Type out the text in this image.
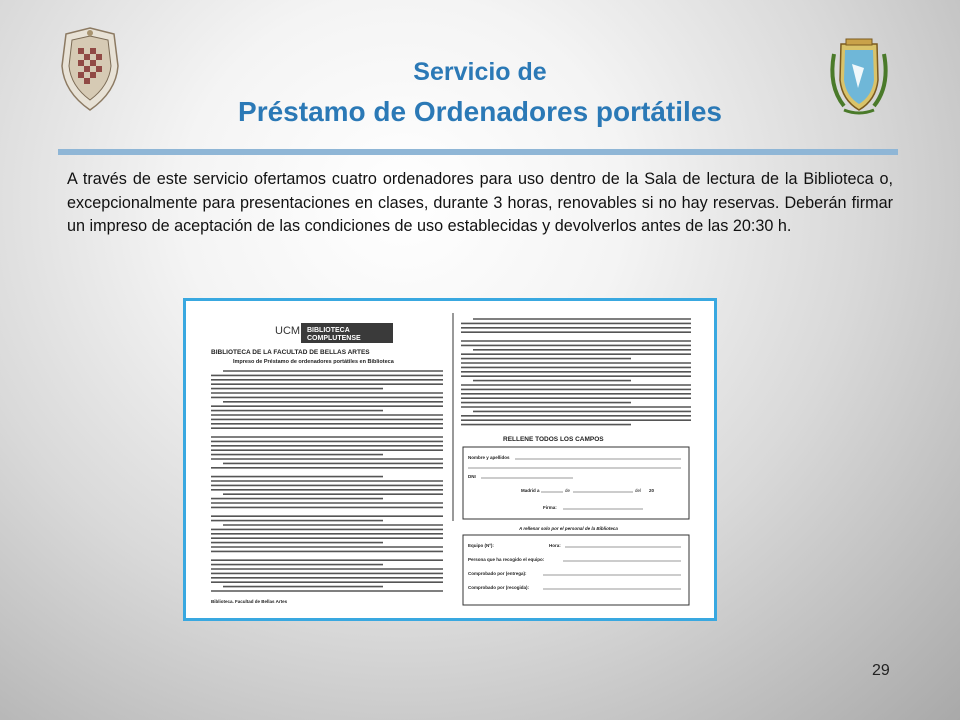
Servicio de
Préstamo de Ordenadores portátiles
A través de este servicio ofertamos cuatro ordenadores para uso dentro de la Sala de lectura de la Biblioteca o, excepcionalmente para presentaciones en clases, durante 3 horas, renovables si no hay reservas. Deberán firmar un impreso de aceptación de las condiciones de uso establecidas y devolverlos antes de las 20:30 h.
UCM BIBLIOTECA
COMPLUTENSE
BIBLIOTECA DE LA FACULTAD DE BELLAS ARTES
Impreso de Préstamo de ordenadores portátiles en Biblioteca
RELLENE TODOS LOS CAMPOS
Nombre y apellidos
DNI
Madrid a	de	del 20
Firma:
A rellenar solo por el personal de la Biblioteca
Equipo (Nº):	Hora:
Persona que ha recogido el equipo:
Comprobado por (entrega):
Comprobado por (recogida):
Biblioteca. Facultad de Bellas Artes
29
